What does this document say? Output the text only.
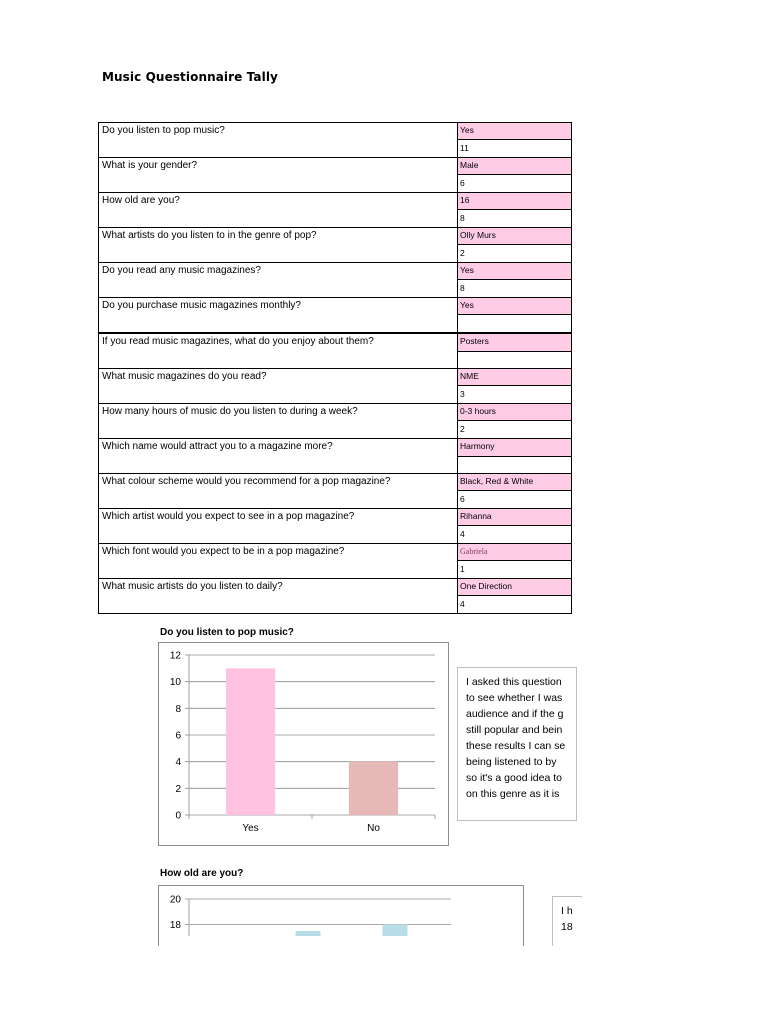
Music Questionnaire Tally
Do you listen to pop music?	Yes
	11
What is your gender?	Male
	6
How old are you?	16
	8
What artists do you listen to in the genre of pop?	Olly Murs
	2
Do you read any music magazines?	Yes
	8
Do you purchase music magazines monthly?	Yes

If you read music magazines, what do you enjoy about them?	Posters

What music magazines do you read?	NME
	3
How many hours of music do you listen to during a week?	0-3 hours
	2
Which name would attract you to a magazine more?	Harmony

What colour scheme would you recommend for a pop magazine?	Black, Red & White
	6
Which artist would you expect to see in a pop magazine?	Rihanna
	4
Which font would you expect to be in a pop magazine?	Gabriela
	1
What music artists do you listen to daily?	One Direction
	4
Do you listen to pop music?
0
2
4
6
8
10
12
Yes	No
I asked this question
to see whether I was
audience and if the g
still popular and bein
these results I can se
being listened to by
so it's a good idea to
on this genre as it is
How old are you?
18
20
I h
18
